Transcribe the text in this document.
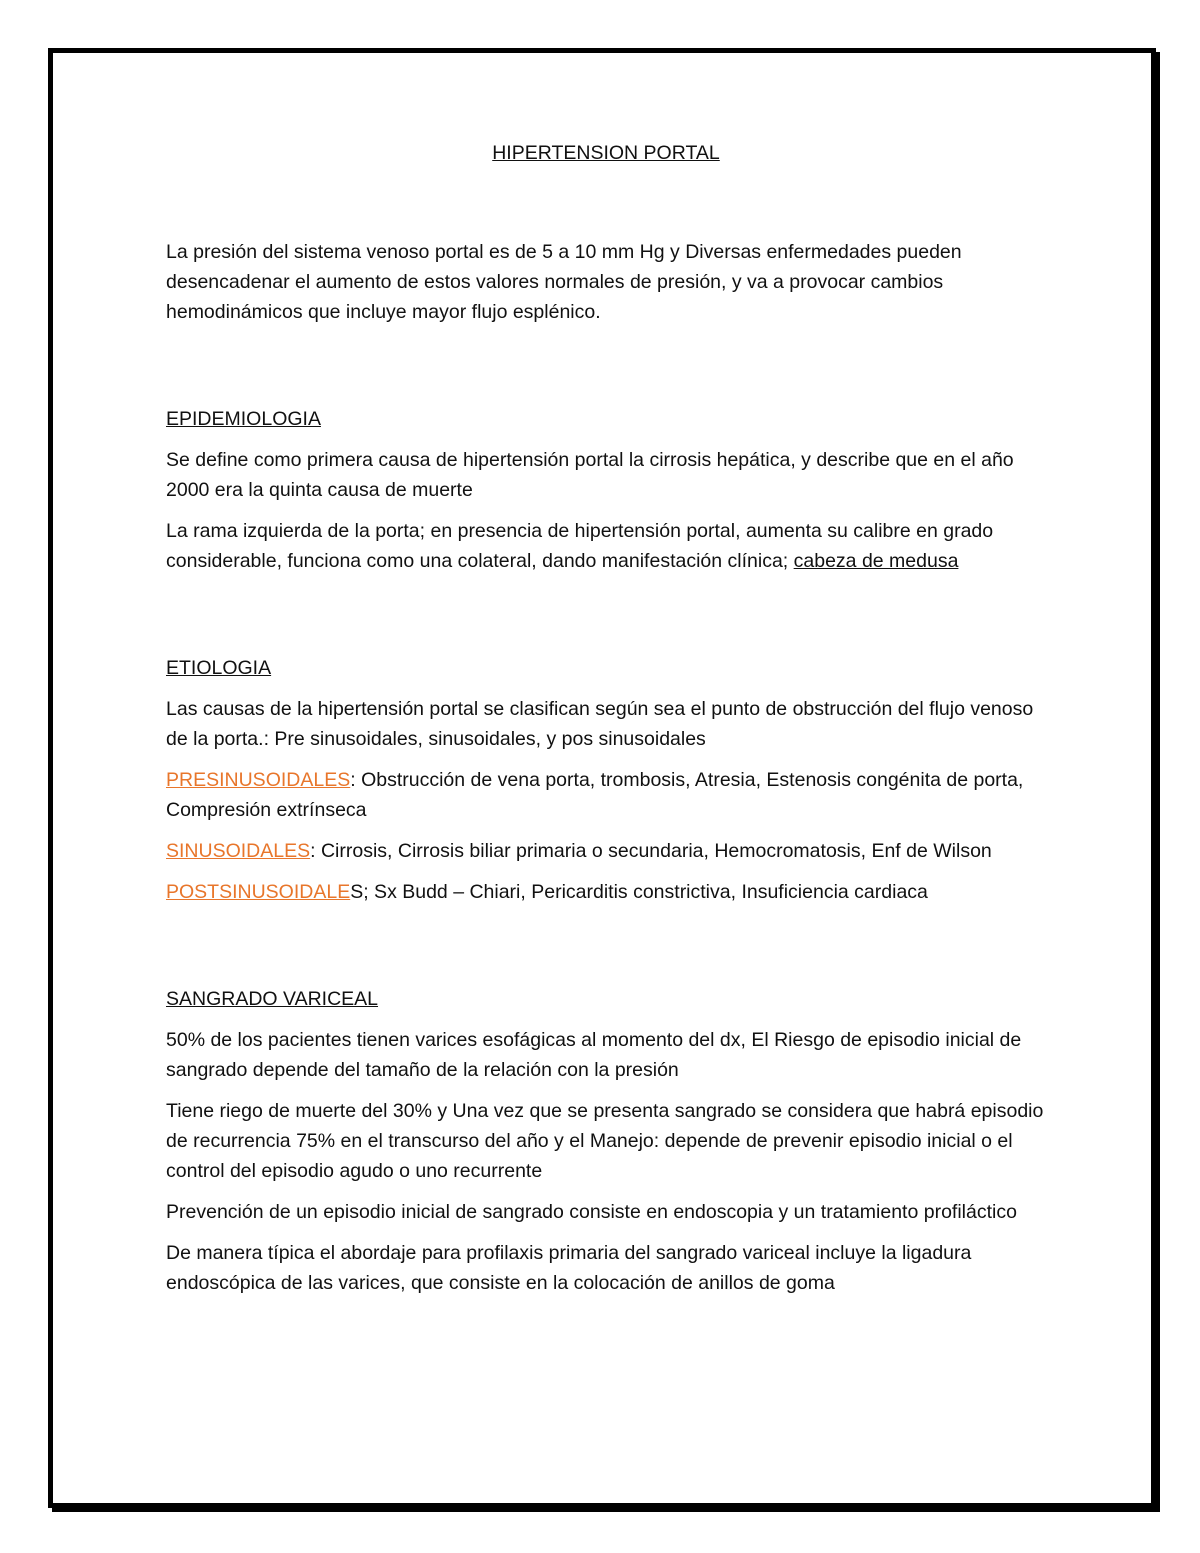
HIPERTENSION PORTAL

La presión del sistema venoso portal es de 5 a 10 mm Hg y Diversas enfermedades pueden desencadenar el aumento de estos valores normales de presión, y va a provocar cambios hemodinámicos que incluye mayor flujo esplénico.

EPIDEMIOLOGIA

Se define como primera causa de hipertensión portal la cirrosis hepática, y describe que en el año 2000 era la quinta causa de muerte

La rama izquierda de la porta; en presencia de hipertensión portal, aumenta su calibre en grado considerable, funciona como una colateral, dando manifestación clínica; cabeza de medusa

ETIOLOGIA

Las causas de la hipertensión portal se clasifican según sea el punto de obstrucción del flujo venoso de la porta.: Pre sinusoidales, sinusoidales, y pos sinusoidales

PRESINUSOIDALES: Obstrucción de vena porta, trombosis, Atresia, Estenosis congénita de porta, Compresión extrínseca

SINUSOIDALES: Cirrosis, Cirrosis biliar primaria o secundaria, Hemocromatosis, Enf de Wilson

POSTSINUSOIDALES; Sx Budd – Chiari, Pericarditis constrictiva, Insuficiencia cardiaca

SANGRADO VARICEAL

50% de los pacientes tienen varices esofágicas al momento del dx, El Riesgo de episodio inicial de sangrado depende del tamaño de la relación con la presión

Tiene riego de muerte del 30% y Una vez que se presenta sangrado se considera que habrá episodio de recurrencia 75% en el transcurso del año y el Manejo: depende de prevenir episodio inicial o el control del episodio agudo o uno recurrente

Prevención de un episodio inicial de sangrado consiste en endoscopia y un tratamiento profiláctico

De manera típica el abordaje para profilaxis primaria del sangrado variceal incluye la ligadura endoscópica de las varices, que consiste en la colocación de anillos de goma
